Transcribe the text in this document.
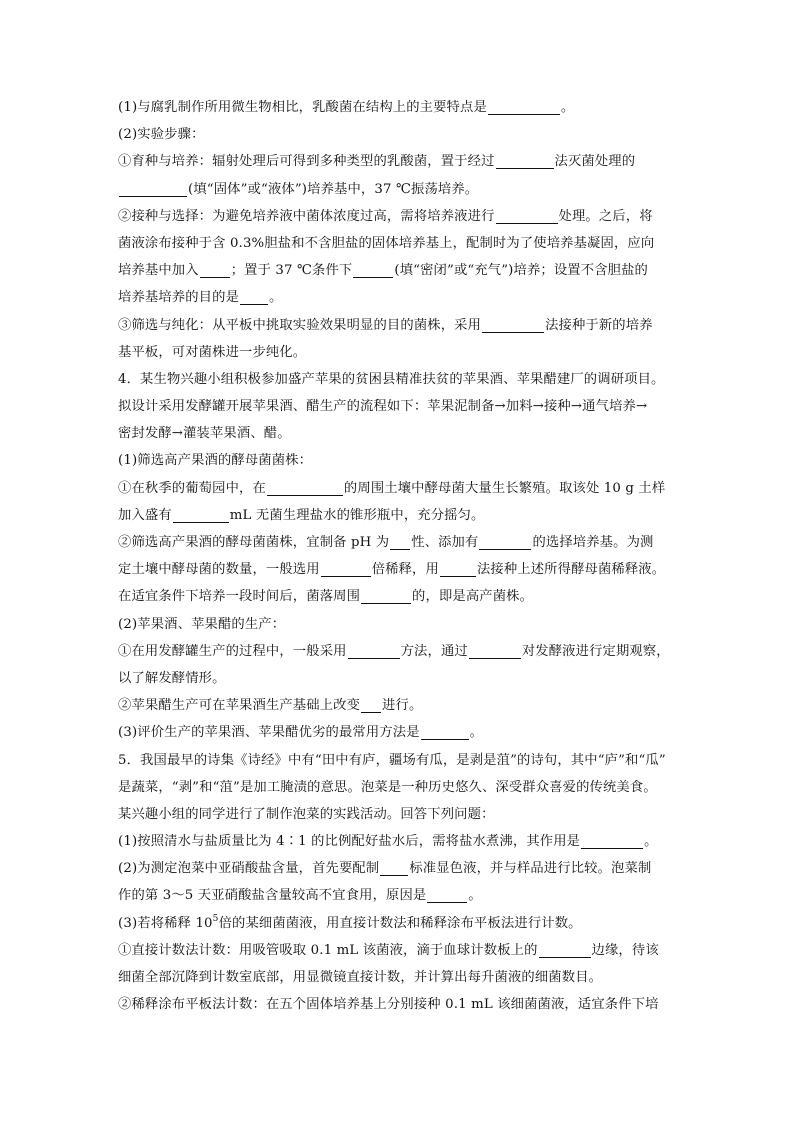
(1)与腐乳制作所用微生物相比，乳酸菌在结构上的主要特点是	。
(2)实验步骤：
①育种与培养：辐射处理后可得到多种类型的乳酸菌，置于经过	法灭菌处理的
(填“固体”或“液体”)培养基中，37 ℃振荡培养。
②接种与选择：为避免培养液中菌体浓度过高，需将培养液进行	处理。之后，将
菌液涂布接种于含 0.3%胆盐和不含胆盐的固体培养基上，配制时为了使培养基凝固，应向
培养基中加入 ；置于 37 ℃条件下	(填“密闭”或“充气”)培养；设置不含胆盐的
培养基培养的目的是 。
③筛选与纯化：从平板中挑取实验效果明显的目的菌株，采用	法接种于新的培养
基平板，可对菌株进一步纯化。
4．某生物兴趣小组积极参加盛产苹果的贫困县精准扶贫的苹果酒、苹果醋建厂的调研项目。
拟设计采用发酵罐开展苹果酒、醋生产的流程如下：苹果泥制备→加料→接种→通气培养→
密封发酵→灌装苹果酒、醋。
(1)筛选高产果酒的酵母菌菌株：
①在秋季的葡萄园中，在	的周围土壤中酵母菌大量生长繁殖。取该处 10 g 土样
加入盛有	mL 无菌生理盐水的锥形瓶中，充分摇匀。
②筛选高产果酒的酵母菌菌株，宜制备 pH 为 性、添加有	的选择培养基。为测
定土壤中酵母菌的数量，一般选用	倍稀释，用	法接种上述所得酵母菌稀释液。
在适宜条件下培养一段时间后，菌落周围	的，即是高产菌株。
(2)苹果酒、苹果醋的生产：
①在用发酵罐生产的过程中，一般采用	方法，通过	对发酵液进行定期观察，
以了解发酵情形。
②苹果醋生产可在苹果酒生产基础上改变 进行。
(3)评价生产的苹果酒、苹果醋优劣的最常用方法是	。
5．我国最早的诗集《诗经》中有“田中有庐，疆场有瓜，是剥是菹”的诗句，其中“庐”和“瓜”
是蔬菜，“剥”和“菹”是加工腌渍的意思。泡菜是一种历史悠久、深受群众喜爱的传统美食。
某兴趣小组的同学进行了制作泡菜的实践活动。回答下列问题：
(1)按照清水与盐质量比为 4∶1 的比例配好盐水后，需将盐水煮沸，其作用是	。
(2)为测定泡菜中亚硝酸盐含量，首先要配制 标准显色液，并与样品进行比较。泡菜制
作的第 3～5 天亚硝酸盐含量较高不宜食用，原因是	。
(3)若将稀释 $10^5$倍的某细菌菌液，用直接计数法和稀释涂布平板法进行计数。
①直接计数法计数：用吸管吸取 0.1 mL 该菌液，滴于血球计数板上的	边缘，待该
细菌全部沉降到计数室底部，用显微镜直接计数，并计算出每升菌液的细菌数目。
②稀释涂布平板法计数：在五个固体培养基上分别接种 0.1 mL 该细菌菌液，适宜条件下培
